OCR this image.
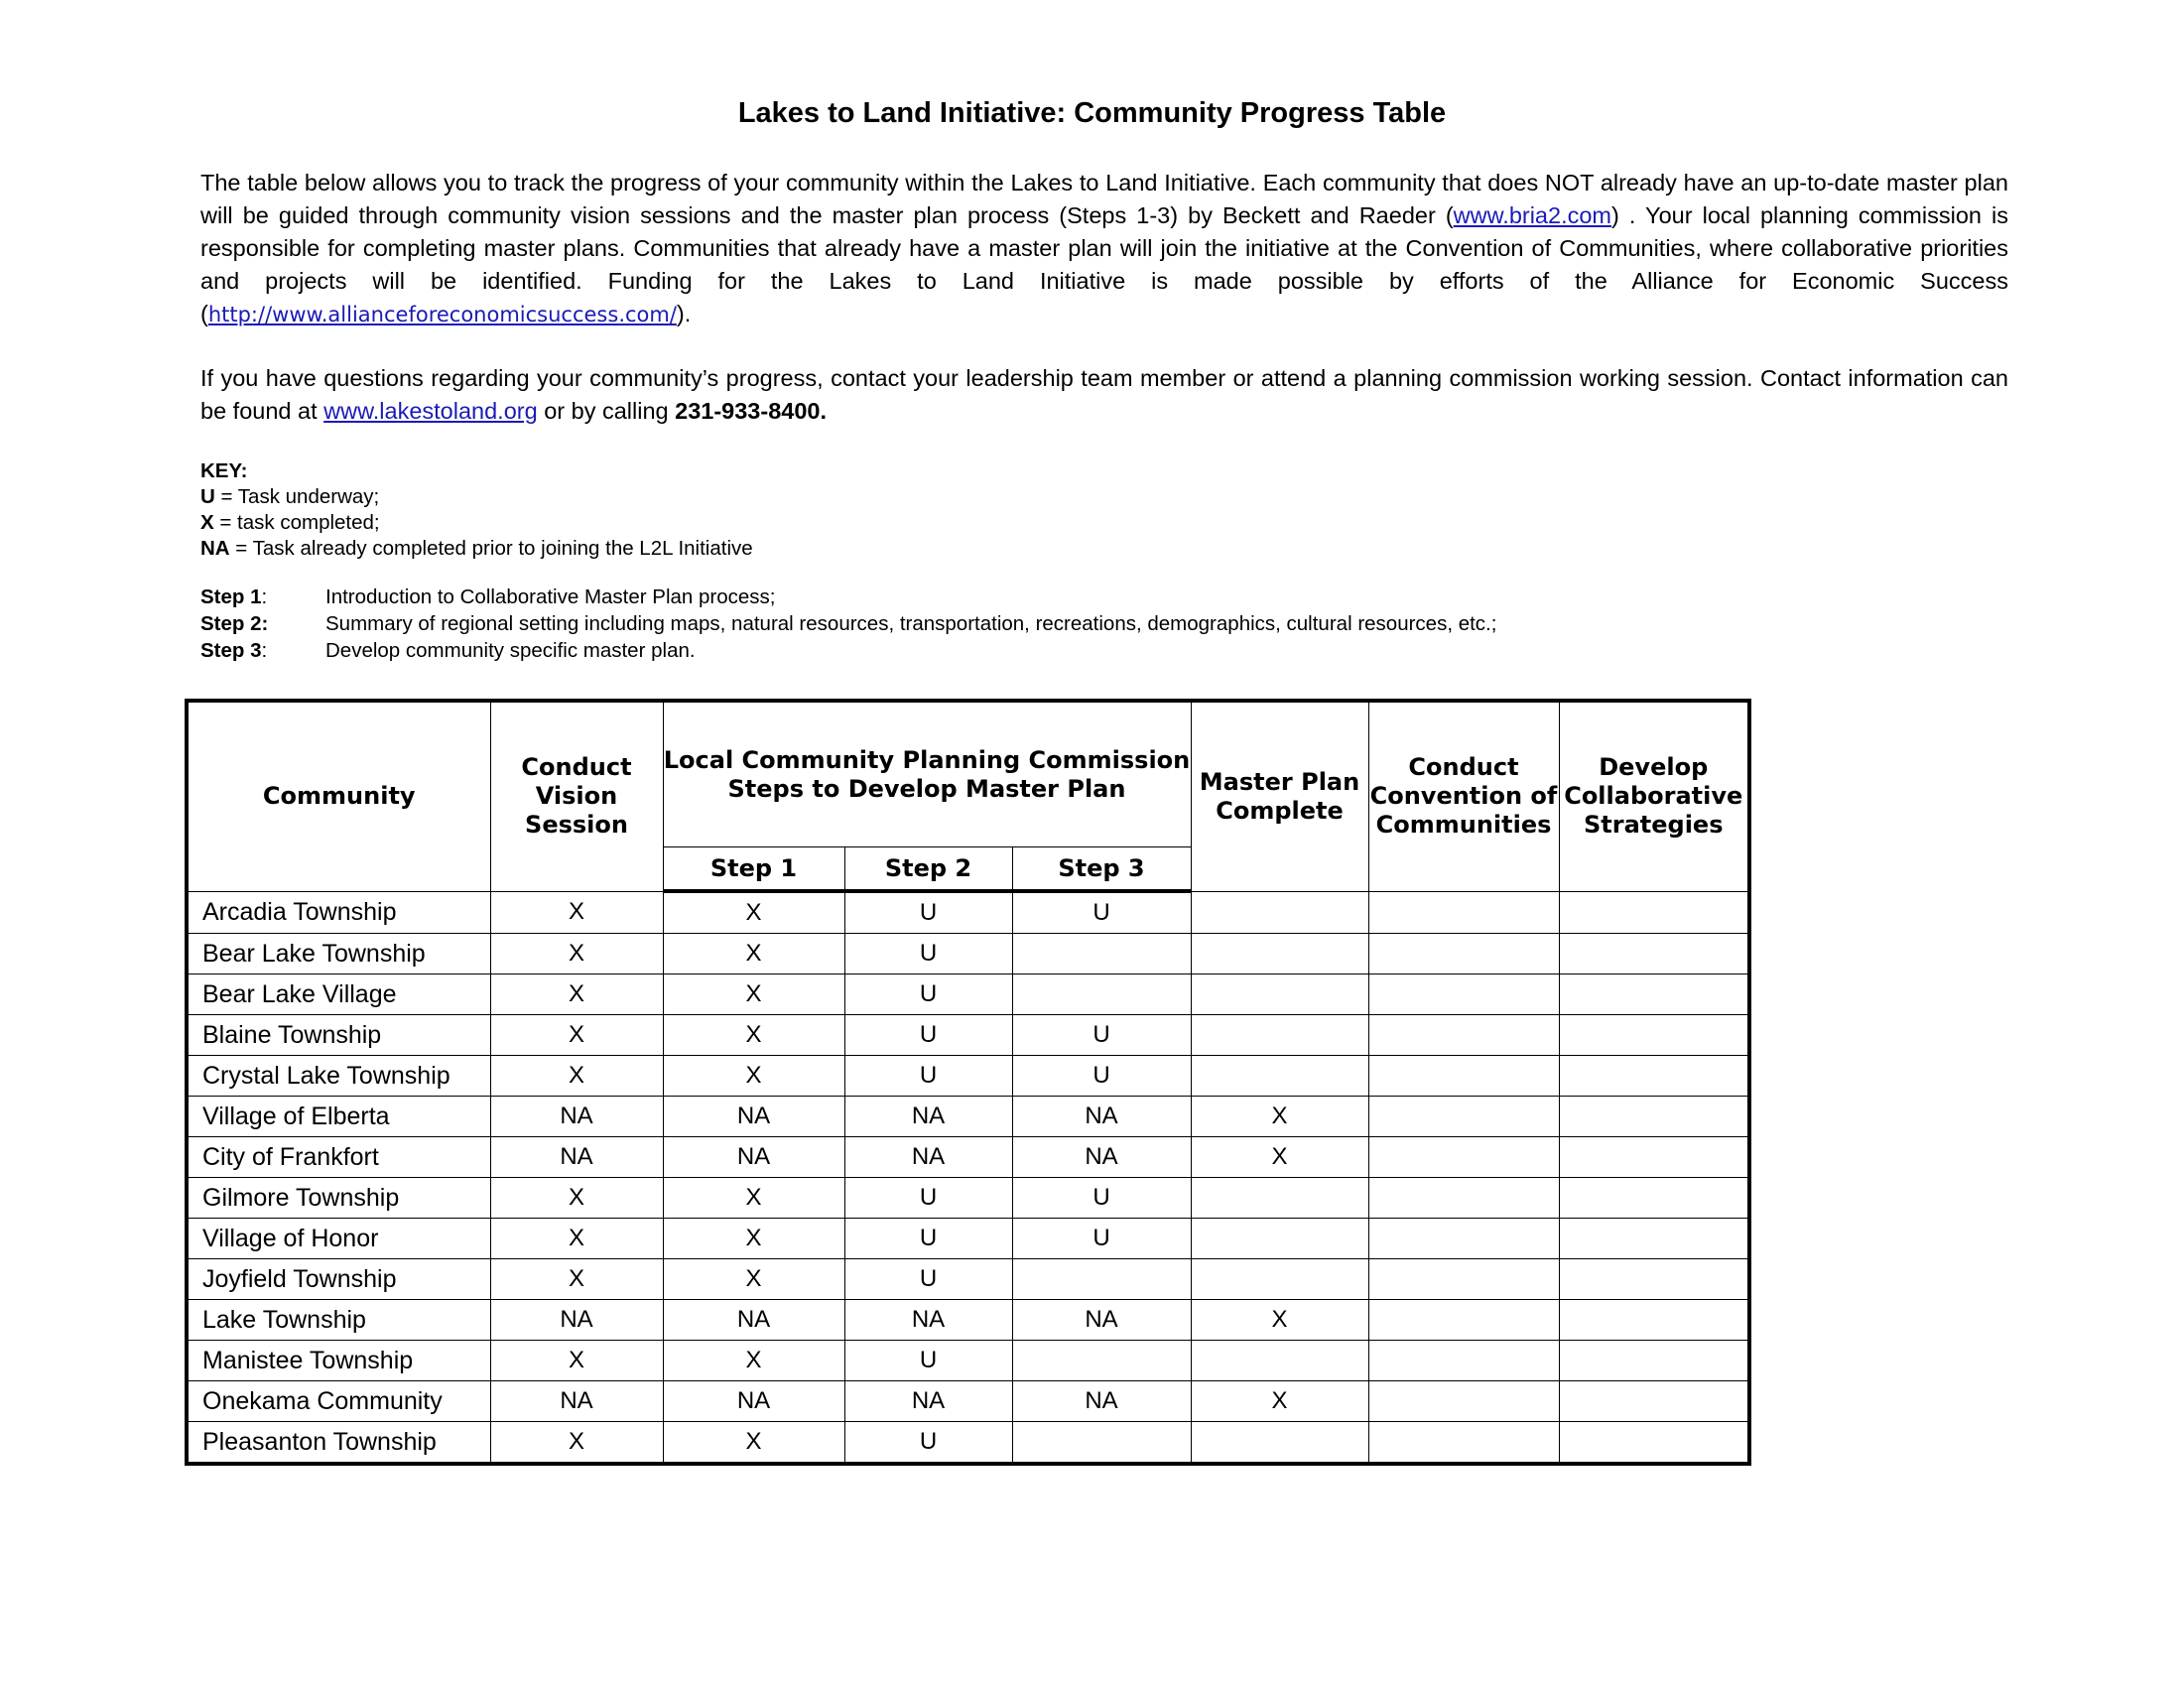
Lakes to Land Initiative: Community Progress Table

The table below allows you to track the progress of your community within the Lakes to Land Initiative. Each community that does NOT already have an up-to-date master plan will be guided through community vision sessions and the master plan process (Steps 1-3) by Beckett and Raeder (www.bria2.com) . Your local planning commission is responsible for completing master plans. Communities that already have a master plan will join the initiative at the Convention of Communities, where collaborative priorities and projects will be identified. Funding for the Lakes to Land Initiative is made possible by efforts of the Alliance for Economic Success (http://www.allianceforeconomicsuccess.com/).

If you have questions regarding your community’s progress, contact your leadership team member or attend a planning commission working session. Contact information can be found at www.lakestoland.org or by calling 231-933-8400.

KEY:
U = Task underway;
X = task completed;
NA = Task already completed prior to joining the L2L Initiative
Step 1:	Introduction to Collaborative Master Plan process;
Step 2:	Summary of regional setting including maps, natural resources, transportation, recreations, demographics, cultural resources, etc.;
Step 3:	Develop community specific master plan.
Community	Conduct Vision Session	Local Community Planning Commission Steps to Develop Master Plan			Master Plan Complete	Conduct Convention of Communities	Develop Collaborative Strategies
		Step 1	Step 2	Step 3			
Arcadia Township	X	X	U	U			
Bear Lake Township	X	X	U				
Bear Lake Village	X	X	U				
Blaine Township	X	X	U	U			
Crystal Lake Township	X	X	U	U			
Village of Elberta	NA	NA	NA	NA	X		
City of Frankfort	NA	NA	NA	NA	X		
Gilmore Township	X	X	U	U			
Village of Honor	X	X	U	U			
Joyfield Township	X	X	U				
Lake Township	NA	NA	NA	NA	X		
Manistee Township	X	X	U				
Onekama Community	NA	NA	NA	NA	X		
Pleasanton Township	X	X	U				
